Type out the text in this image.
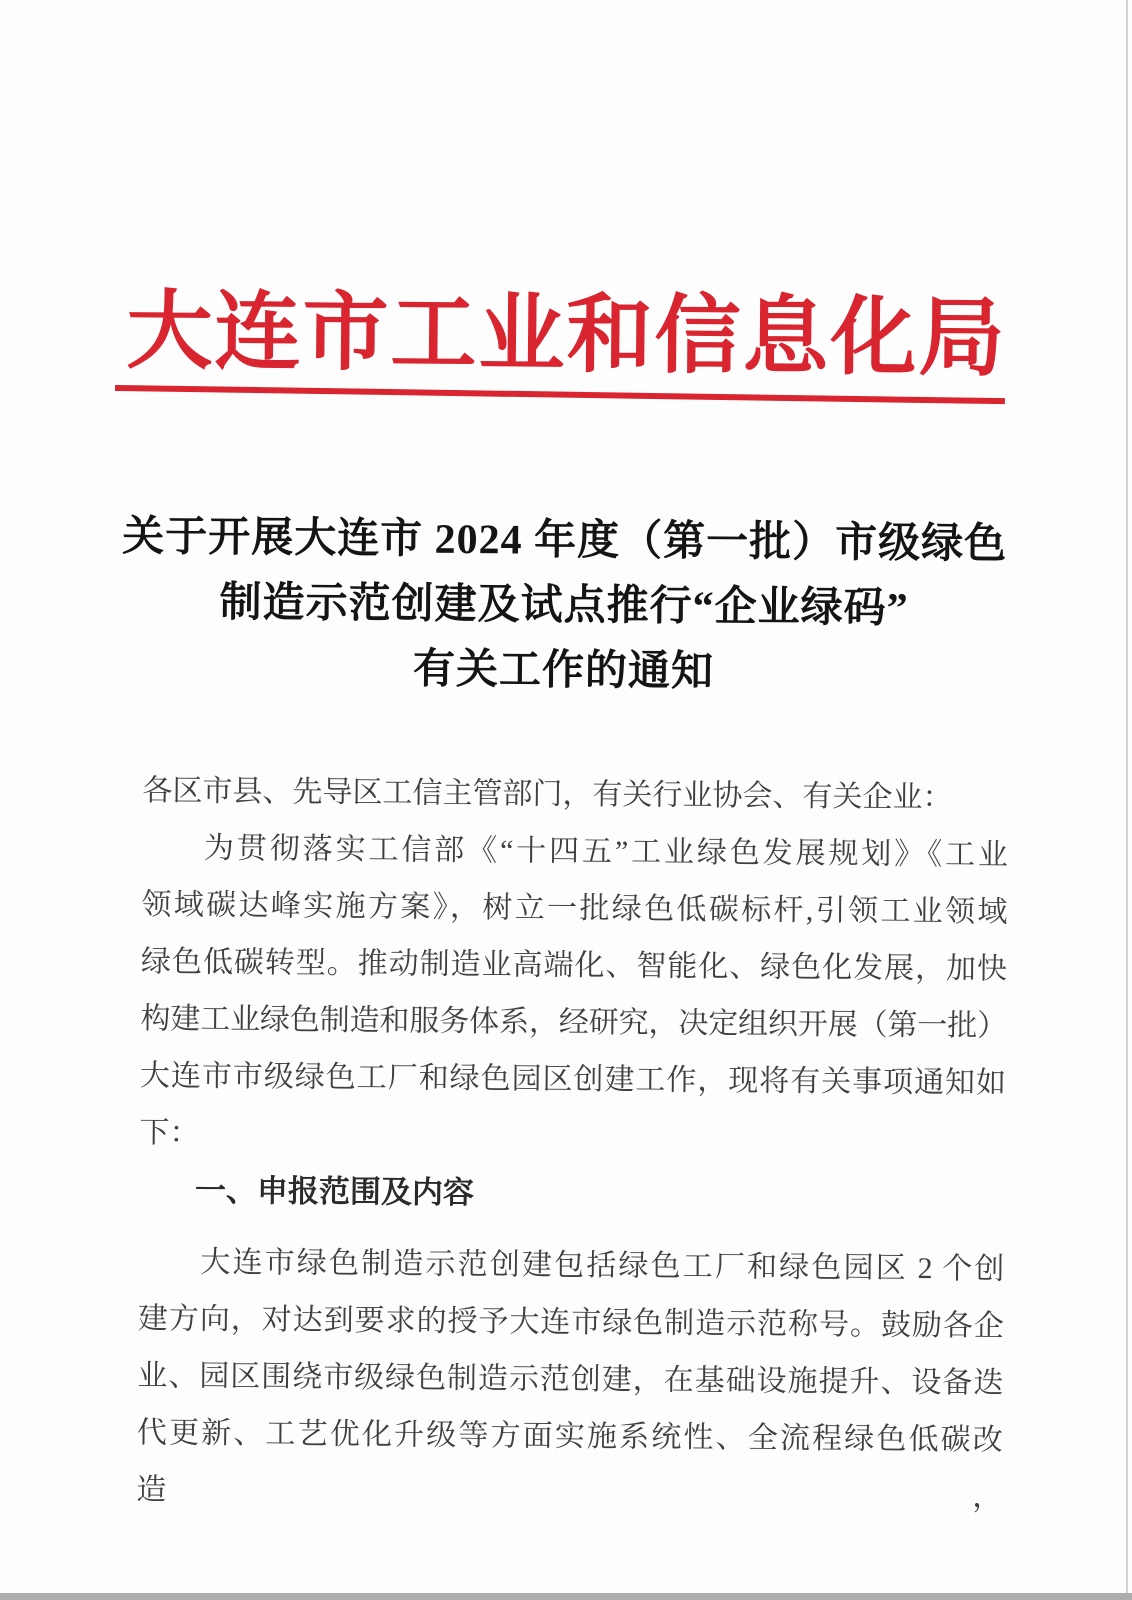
大连市工业和信息化局
关于开展大连市 2024 年度（第一批）市级绿色
制造示范创建及试点推行“企业绿码”
有关工作的通知
各区市县、先导区工信主管部门，有关行业协会、有关企业：
为贯彻落实工信部《“十四五”工业绿色发展规划》《工业
领域碳达峰实施方案》，树立一批绿色低碳标杆,引领工业领域
绿色低碳转型。推动制造业高端化、智能化、绿色化发展，加快
构建工业绿色制造和服务体系，经研究，决定组织开展（第一批）
大连市市级绿色工厂和绿色园区创建工作，现将有关事项通知如
下：
一、申报范围及内容
大连市绿色制造示范创建包括绿色工厂和绿色园区 2 个创
建方向，对达到要求的授予大连市绿色制造示范称号。鼓励各企
业、园区围绕市级绿色制造示范创建，在基础设施提升、设备迭
代更新、工艺优化升级等方面实施系统性、全流程绿色低碳改造，
